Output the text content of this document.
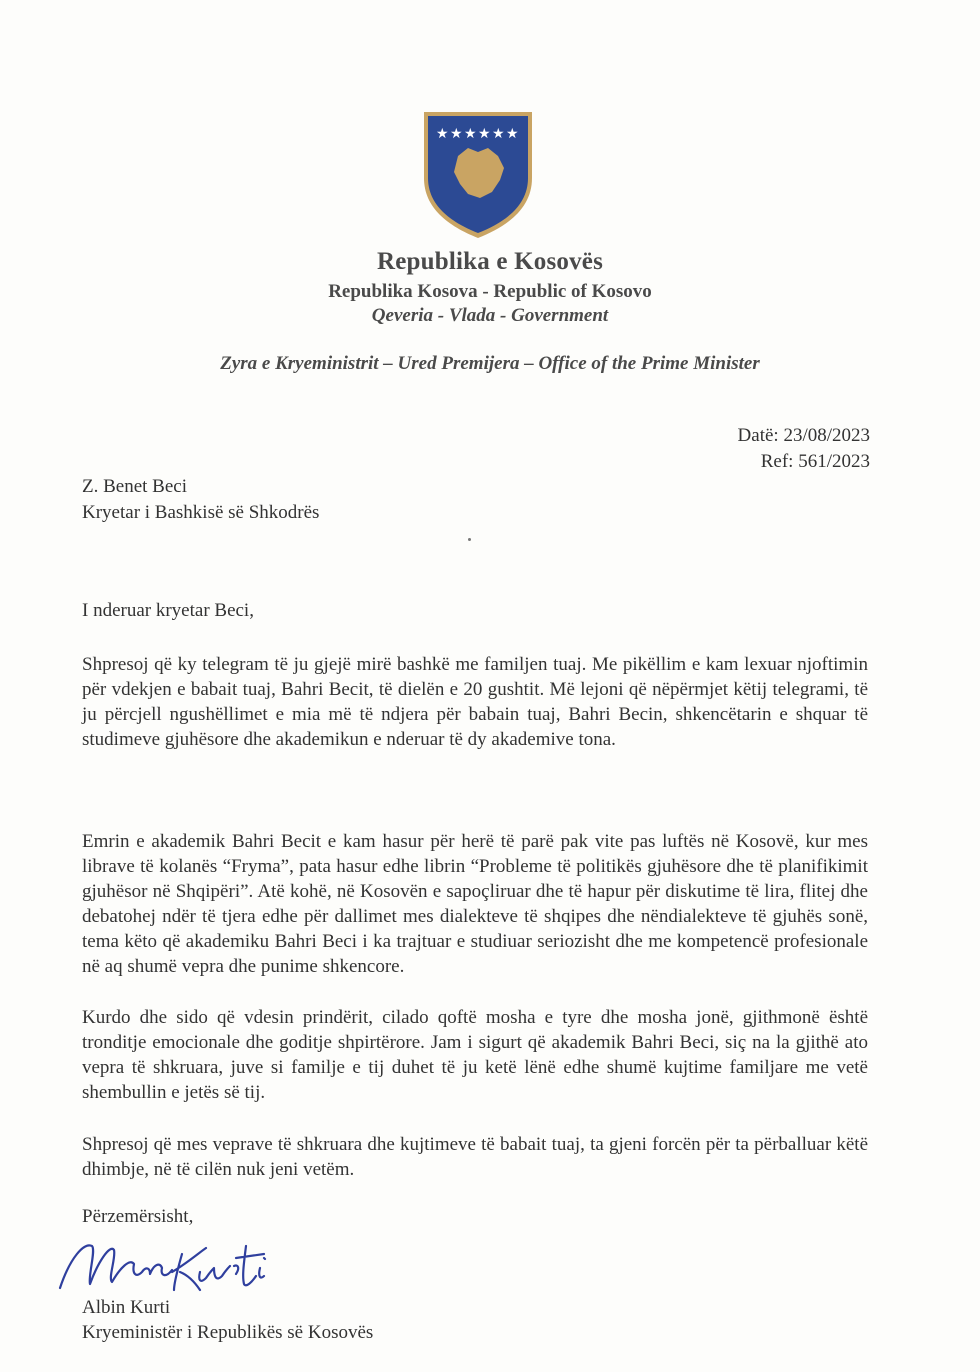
★ ★ ★ ★ ★ ★
Republika e Kosovës
Republika Kosova - Republic of Kosovo
Qeveria - Vlada - Government
Zyra e Kryeministrit – Ured Premijera – Office of the Prime Minister
Datë: 23/08/2023
Ref: 561/2023
Z. Benet Beci
Kryetar i Bashkisë së Shkodrës
I nderuar kryetar Beci,

Shpresoj që ky telegram të ju gjejë mirë bashkë me familjen tuaj. Me pikëllim e kam lexuar njoftimin për vdekjen e babait tuaj, Bahri Becit, të dielën e 20 gushtit. Më lejoni që nëpërmjet këtij telegrami, të ju përcjell ngushëllimet e mia më të ndjera për babain tuaj, Bahri Becin, shkencëtarin e shquar të studimeve gjuhësore dhe akademikun e nderuar të dy akademive tona.

Emrin e akademik Bahri Becit e kam hasur për herë të parë pak vite pas luftës në Kosovë, kur mes librave të kolanës “Fryma”, pata hasur edhe librin “Probleme të politikës gjuhësore dhe të planifikimit gjuhësor në Shqipëri”. Atë kohë, në Kosovën e sapoçliruar dhe të hapur për diskutime të lira, flitej dhe debatohej ndër të tjera edhe për dallimet mes dialekteve të shqipes dhe nëndialekteve të gjuhës sonë, tema këto që akademiku Bahri Beci i ka trajtuar e studiuar seriozisht dhe me kompetencë profesionale në aq shumë vepra dhe punime shkencore.

Kurdo dhe sido që vdesin prindërit, cilado qoftë mosha e tyre dhe mosha jonë, gjithmonë është tronditje emocionale dhe goditje shpirtërore. Jam i sigurt që akademik Bahri Beci, siç na la gjithë ato vepra të shkruara, juve si familje e tij duhet të ju ketë lënë edhe shumë kujtime familjare me vetë shembullin e jetës së tij.

Shpresoj që mes veprave të shkruara dhe kujtimeve të babait tuaj, ta gjeni forcën për ta përballuar këtë dhimbje, në të cilën nuk jeni vetëm.

Përzemërsisht,
Albin Kurti
Kryeministër i Republikës së Kosovës
